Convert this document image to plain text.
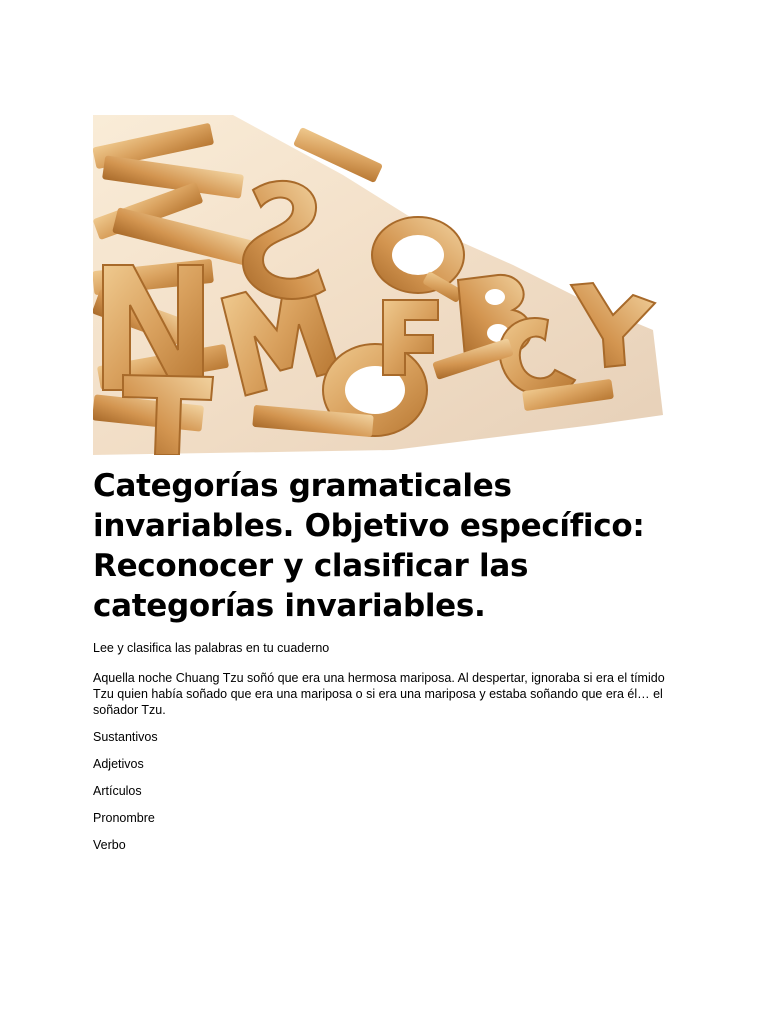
Categorías gramaticales invariables. Objetivo específico: Reconocer y clasificar las categorías invariables.

Lee y clasifica las palabras en tu cuaderno

Aquella noche Chuang Tzu soñó que era una hermosa mariposa. Al despertar, ignoraba si era el tímido Tzu quien había soñado que era una mariposa o si era una mariposa y estaba soñando que era él… el soñador Tzu.

Sustantivos

Adjetivos

Artículos

Pronombre

Verbo
